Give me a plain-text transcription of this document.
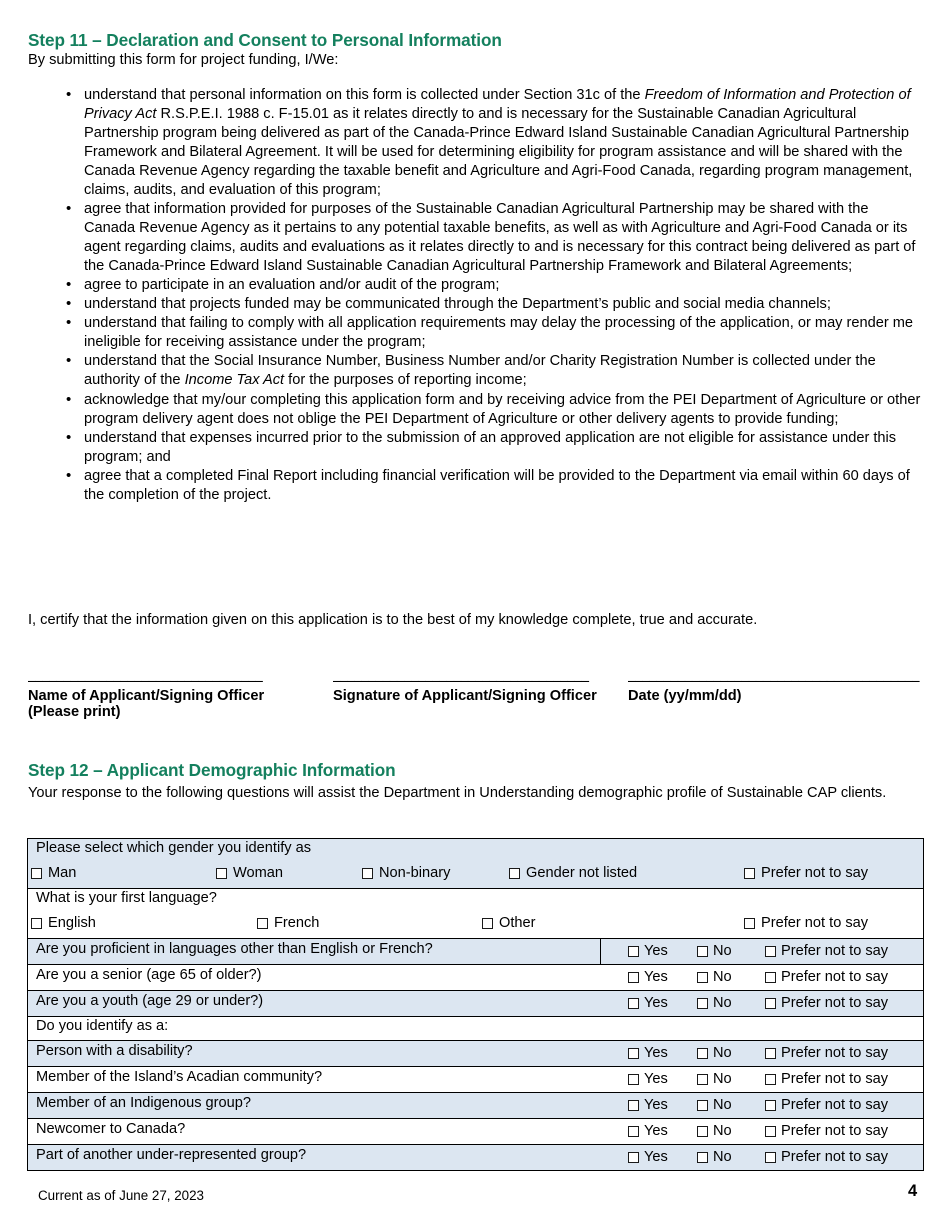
Step 11 – Declaration and Consent to Personal Information
By submitting this form for project funding, I/We:
• understand that personal information on this form is collected under Section 31c of the Freedom of Information and Protection of Privacy Act R.S.P.E.I. 1988 c. F-15.01 as it relates directly to and is necessary for the Sustainable Canadian Agricultural Partnership program being delivered as part of the Canada-Prince Edward Island Sustainable Canadian Agricultural Partnership Framework and Bilateral Agreement. It will be used for determining eligibility for program assistance and will be shared with the Canada Revenue Agency regarding the taxable benefit and Agriculture and Agri-Food Canada, regarding program management, claims, audits, and evaluation of this program;
• agree that information provided for purposes of the Sustainable Canadian Agricultural Partnership may be shared with the Canada Revenue Agency as it pertains to any potential taxable benefits, as well as with Agriculture and Agri-Food Canada or its agent regarding claims, audits and evaluations as it relates directly to and is necessary for this contract being delivered as part of the Canada-Prince Edward Island Sustainable Canadian Agricultural Partnership Framework and Bilateral Agreements;
• agree to participate in an evaluation and/or audit of the program;
• understand that projects funded may be communicated through the Department’s public and social media channels;
• understand that failing to comply with all application requirements may delay the processing of the application, or may render me ineligible for receiving assistance under the program;
• understand that the Social Insurance Number, Business Number and/or Charity Registration Number is collected under the authority of the Income Tax Act for the purposes of reporting income;
• acknowledge that my/our completing this application form and by receiving advice from the PEI Department of Agriculture or other program delivery agent does not oblige the PEI Department of Agriculture or other delivery agents to provide funding;
• understand that expenses incurred prior to the submission of an approved application are not eligible for assistance under this program; and
• agree that a completed Final Report including financial verification will be provided to the Department via email within 60 days of the completion of the project.
I, certify that the information given on this application is to the best of my knowledge complete, true and accurate.
_________________________________
Name of Applicant/Signing Officer
(Please print)
____________________________________
Signature of Applicant/Signing Officer
_________________________________________
Date (yy/mm/dd)
Step 12 – Applicant Demographic Information
Your response to the following questions will assist the Department in Understanding demographic profile of Sustainable CAP clients.
Please select which gender you identify as
Man	Woman	Non-binary	Gender not listed	Prefer not to say

What is your first language?
English French Other Prefer not to say	

Are you proficient in languages other than English or French?	Yes No Prefer not to say

Are you a senior (age 65 of older?)	Yes No Prefer not to say

Are you a youth (age 29 or under?)	Yes No Prefer not to say

Do you identify as a:	

Person with a disability?	Yes No Prefer not to say

Member of the Island’s Acadian community?	Yes No Prefer not to say

Member of an Indigenous group?	Yes No Prefer not to say

Newcomer to Canada?	Yes No Prefer not to say

Part of another under-represented group?	Yes No Prefer not to say
Current as of June 27, 2023	4
